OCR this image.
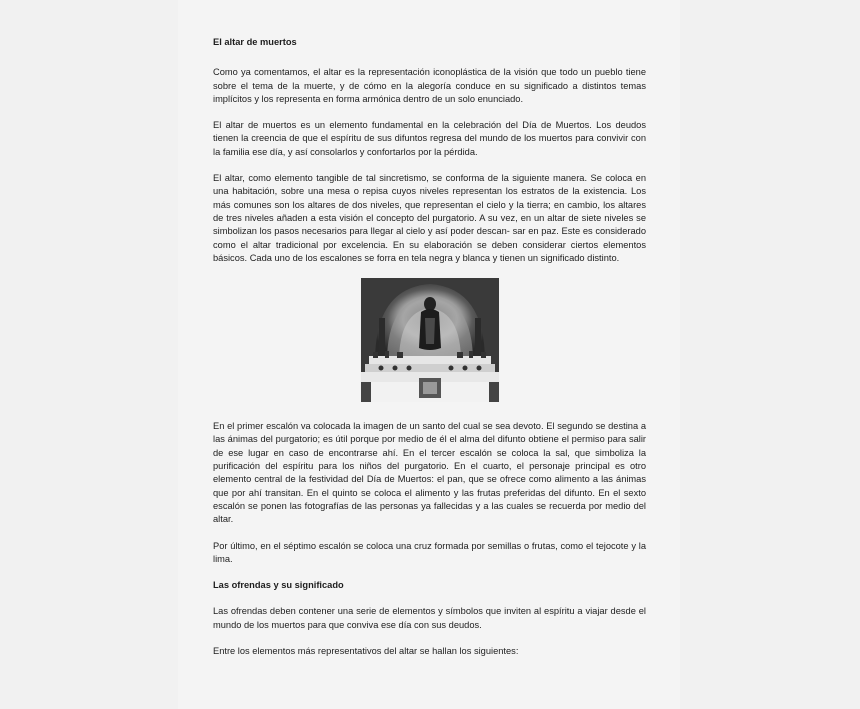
El altar de muertos

Como ya comentamos, el altar es la representación iconoplástica de la visión que todo un pueblo tiene sobre el tema de la muerte, y de cómo en la alegoría conduce en su significado a distintos temas implícitos y los representa en forma armónica dentro de un solo enunciado.

El altar de muertos es un elemento fundamental en la celebración del Día de Muertos. Los deudos tienen la creencia de que el espíritu de sus difuntos regresa del mundo de los muertos para convivir con la familia ese día, y así consolarlos y confortarlos por la pérdida.

El altar, como elemento tangible de tal sincretismo, se conforma de la siguiente manera. Se coloca en una habitación, sobre una mesa o repisa cuyos niveles representan los estratos de la existencia. Los más comunes son los altares de dos niveles, que representan el cielo y la tierra; en cambio, los altares de tres niveles añaden a esta visión el concepto del purgatorio. A su vez, en un altar de siete niveles se simbolizan los pasos necesarios para llegar al cielo y así poder descan- sar en paz. Este es considerado como el altar tradicional por excelencia. En su elaboración se deben considerar ciertos elementos básicos. Cada uno de los escalones se forra en tela negra y blanca y tienen un significado distinto.

En el primer escalón va colocada la imagen de un santo del cual se sea devoto. El segundo se destina a las ánimas del purgatorio; es útil porque por medio de él el alma del difunto obtiene el permiso para salir de ese lugar en caso de encontrarse ahí. En el tercer escalón se coloca la sal, que simboliza la purificación del espíritu para los niños del purgatorio. En el cuarto, el personaje principal es otro elemento central de la festividad del Día de Muertos: el pan, que se ofrece como alimento a las ánimas que por ahí transitan. En el quinto se coloca el alimento y las frutas preferidas del difunto. En el sexto escalón se ponen las fotografías de las personas ya fallecidas y a las cuales se recuerda por medio del altar.

Por último, en el séptimo escalón se coloca una cruz formada por semillas o frutas, como el tejocote y la lima.

Las ofrendas y su significado

Las ofrendas deben contener una serie de elementos y símbolos que inviten al espíritu a viajar desde el mundo de los muertos para que conviva ese día con sus deudos.

Entre los elementos más representativos del altar se hallan los siguientes:
